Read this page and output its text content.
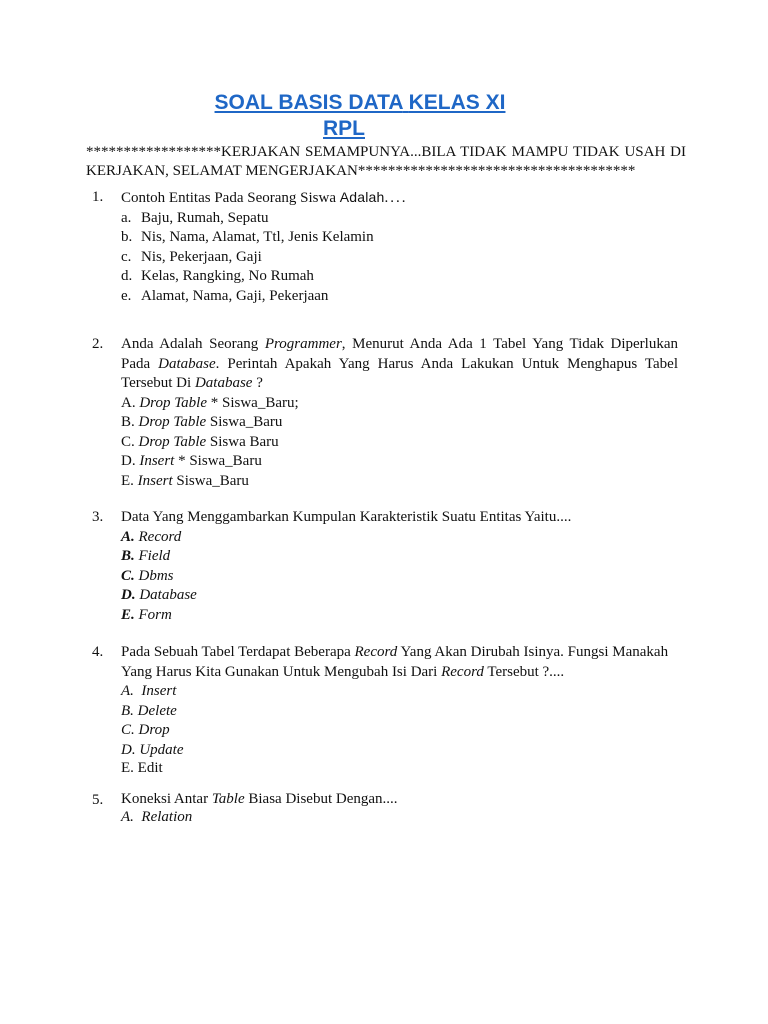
SOAL BASIS DATA KELAS XI
RPL
******************KERJAKAN SEMAMPUNYA...BILA TIDAK MAMPU TIDAK USAH DI KERJAKAN, SELAMAT MENGERJAKAN*************************************
1. Contoh Entitas Pada Seorang Siswa Adalah....
a. Baju, Rumah, Sepatu
b. Nis, Nama, Alamat, Ttl, Jenis Kelamin
c. Nis, Pekerjaan, Gaji
d. Kelas, Rangking, No Rumah
e. Alamat, Nama, Gaji, Pekerjaan
2. Anda Adalah Seorang Programmer, Menurut Anda Ada 1 Tabel Yang Tidak Diperlukan Pada Database. Perintah Apakah Yang Harus Anda Lakukan Untuk Menghapus Tabel Tersebut Di Database ?
A. Drop Table * Siswa_Baru;
B. Drop Table Siswa_Baru
C. Drop Table Siswa Baru
D. Insert * Siswa_Baru
E. Insert Siswa_Baru
3. Data Yang Menggambarkan Kumpulan Karakteristik Suatu Entitas Yaitu....
A. Record
B. Field
C. Dbms
D. Database
E. Form
4. Pada Sebuah Tabel Terdapat Beberapa Record Yang Akan Dirubah Isinya. Fungsi Manakah Yang Harus Kita Gunakan Untuk Mengubah Isi Dari Record Tersebut ?....
A. Insert
B. Delete
C. Drop
D. Update
E. Edit
5. Koneksi Antar Table Biasa Disebut Dengan....
A. Relation
